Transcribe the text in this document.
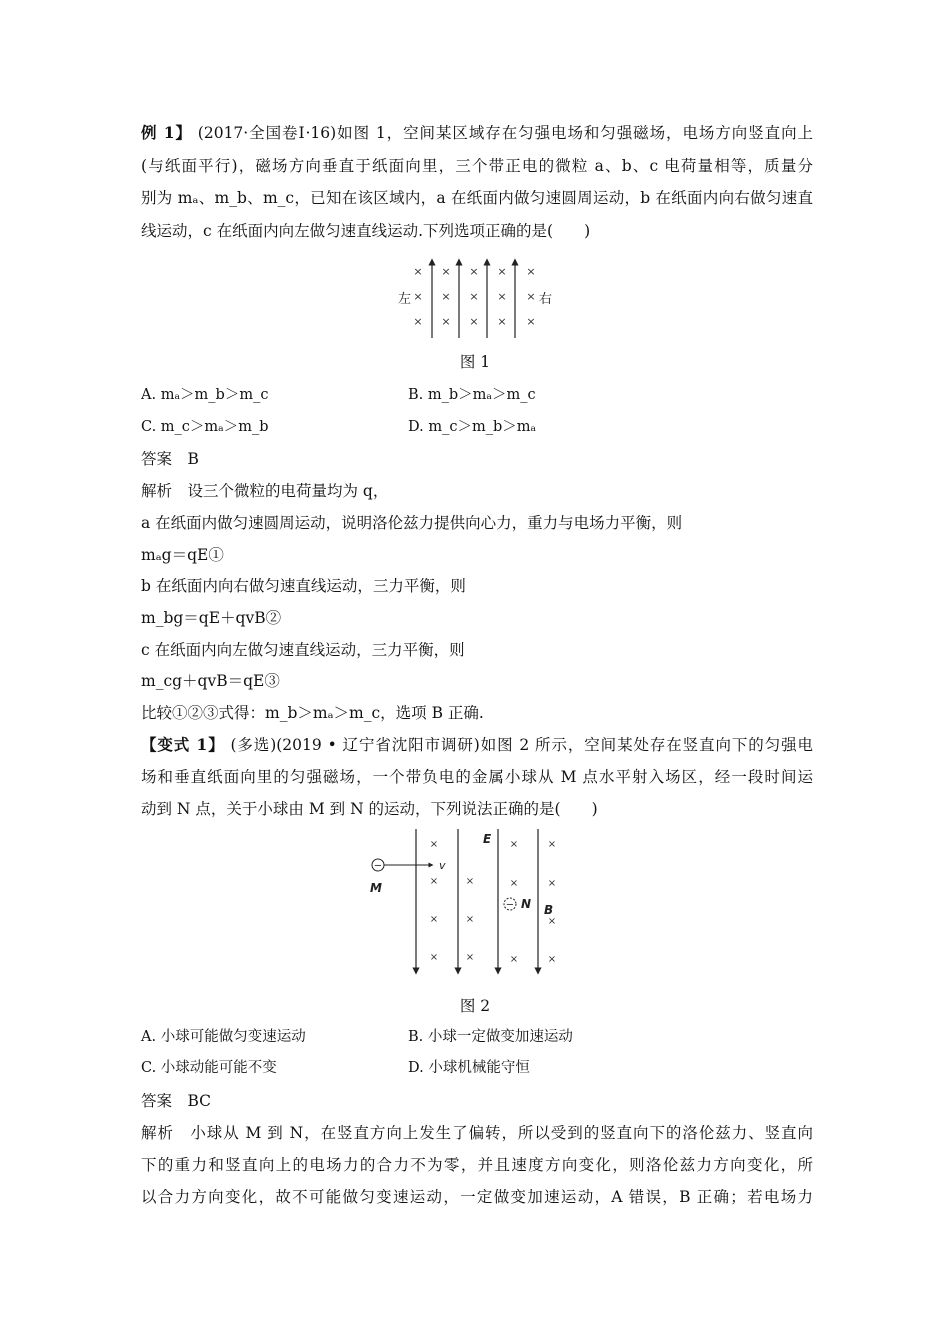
例 1】 (2017·全国卷Ⅰ·16)如图 1，空间某区域存在匀强电场和匀强磁场，电场方向竖直向上
(与纸面平行)，磁场方向垂直于纸面向里，三个带正电的微粒 a、b、c 电荷量相等，质量分
别为 mₐ、m_b、m_c，已知在该区域内，a 在纸面内做匀速圆周运动，b 在纸面内向右做匀速直
线运动，c 在纸面内向左做匀速直线运动.下列选项正确的是(　　)
× × × × ×
× × × × ×
× × × × ×
左	右
图 1
A. mₐ＞m_b＞m_c	B. m_b＞mₐ＞m_c
C. m_c＞mₐ＞m_b	D. m_c＞m_b＞mₐ
答案　B
解析　设三个微粒的电荷量均为 q，
a 在纸面内做匀速圆周运动，说明洛伦兹力提供向心力，重力与电场力平衡，则
mₐg＝qE①
b 在纸面内向右做匀速直线运动，三力平衡，则
m_bg＝qE＋qvB②
c 在纸面内向左做匀速直线运动，三力平衡，则
m_cg＋qvB＝qE③
比较①②③式得：m_b＞mₐ＞m_c，选项 B 正确.
【变式 1】 (多选)(2019 • 辽宁省沈阳市调研)如图 2 所示，空间某处存在竖直向下的匀强电
场和垂直纸面向里的匀强磁场，一个带负电的金属小球从 M 点水平射入场区，经一段时间运
动到 N 点，关于小球由 M 到 N 的运动，下列说法正确的是(　　)
×	×	×
×	×	×	×
×	×	×
×	×	×	×
−	v
M
− N
E
B
图 2
A. 小球可能做匀变速运动	B. 小球一定做变加速运动
C. 小球动能可能不变	D. 小球机械能守恒
答案　BC
解析　小球从 M 到 N，在竖直方向上发生了偏转，所以受到的竖直向下的洛伦兹力、竖直向
下的重力和竖直向上的电场力的合力不为零，并且速度方向变化，则洛伦兹力方向变化，所
以合力方向变化，故不可能做匀变速运动，一定做变加速运动，A 错误，B 正确；若电场力
